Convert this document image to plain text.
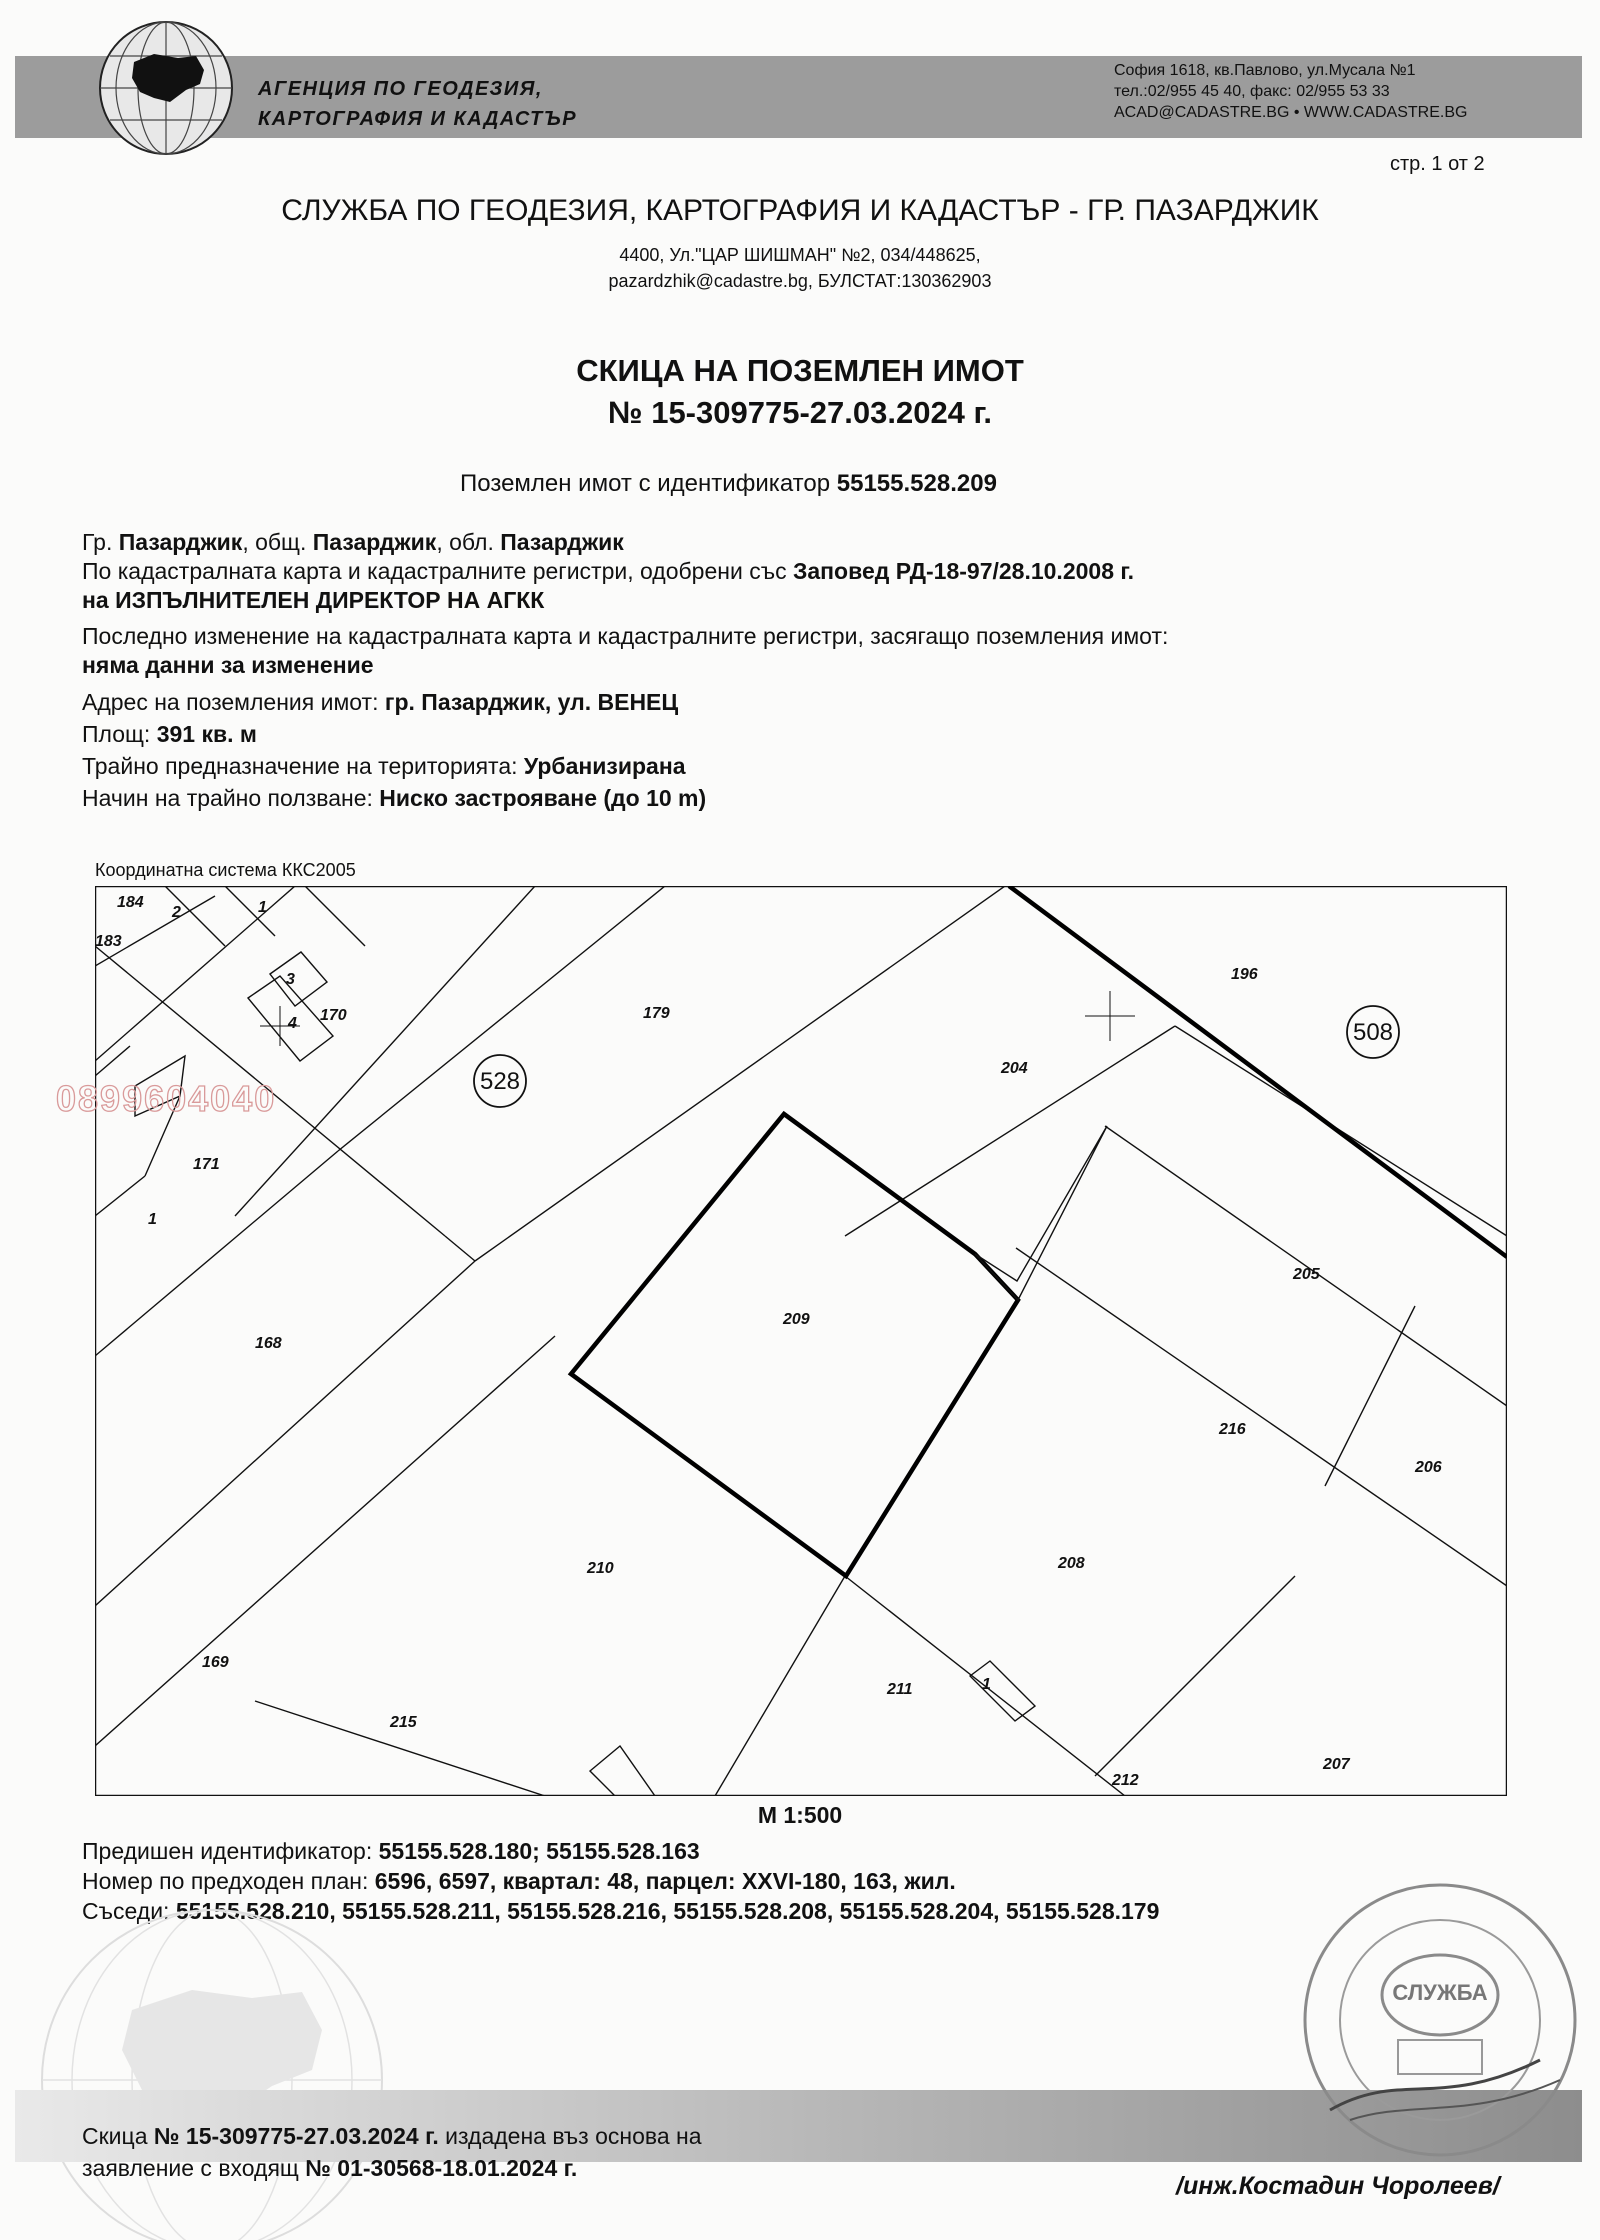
АГЕНЦИЯ ПО ГЕОДЕЗИЯ,
КАРТОГРАФИЯ И КАДАСТЪР
София 1618, кв.Павлово, ул.Мусала №1
тел.:02/955 45 40, факс: 02/955 53 33
ACAD@CADASTRE.BG • WWW.CADASTRE.BG
стр. 1 от 2
СЛУЖБА ПО ГЕОДЕЗИЯ, КАРТОГРАФИЯ И КАДАСТЪР - ГР. ПАЗАРДЖИК
4400, Ул."ЦАР ШИШМАН" №2, 034/448625,
pazardzhik@cadastre.bg, БУЛСТАТ:130362903
СКИЦА НА ПОЗЕМЛЕН ИМОТ
№ 15-309775-27.03.2024 г.
Поземлен имот с идентификатор 55155.528.209
Гр. Пазарджик, общ. Пазарджик, обл. Пазарджик
По кадастралната карта и кадастралните регистри, одобрени със Заповед РД-18-97/28.10.2008 г.
на ИЗПЪЛНИТЕЛЕН ДИРЕКТОР НА АГКК
Последно изменение на кадастралната карта и кадастралните регистри, засягащо поземления имот:
няма данни за изменение
Адрес на поземления имот: гр. Пазарджик, ул. ВЕНЕЦ
Площ: 391 кв. м
Трайно предназначение на територията: Урбанизирана
Начин на трайно ползване: Ниско застрояване (до 10 m)
Координатна система ККС2005
528
508
184
2	1
183
170	179
3
4
171
1
168
209
204
196
205
216
206
210	208
169
211	1
215
212
207
0899604040
М 1:500
Предишен идентификатор: 55155.528.180; 55155.528.163
Номер по предходен план: 6596, 6597, квартал: 48, парцел: XXVI-180, 163, жил.
Съседи: 55155.528.210, 55155.528.211, 55155.528.216, 55155.528.208, 55155.528.204, 55155.528.179
СЛУЖБА
Скица № 15-309775-27.03.2024 г. издадена въз основа на
заявление с входящ № 01-30568-18.01.2024 г.
/инж.Костадин Чоролеев/
